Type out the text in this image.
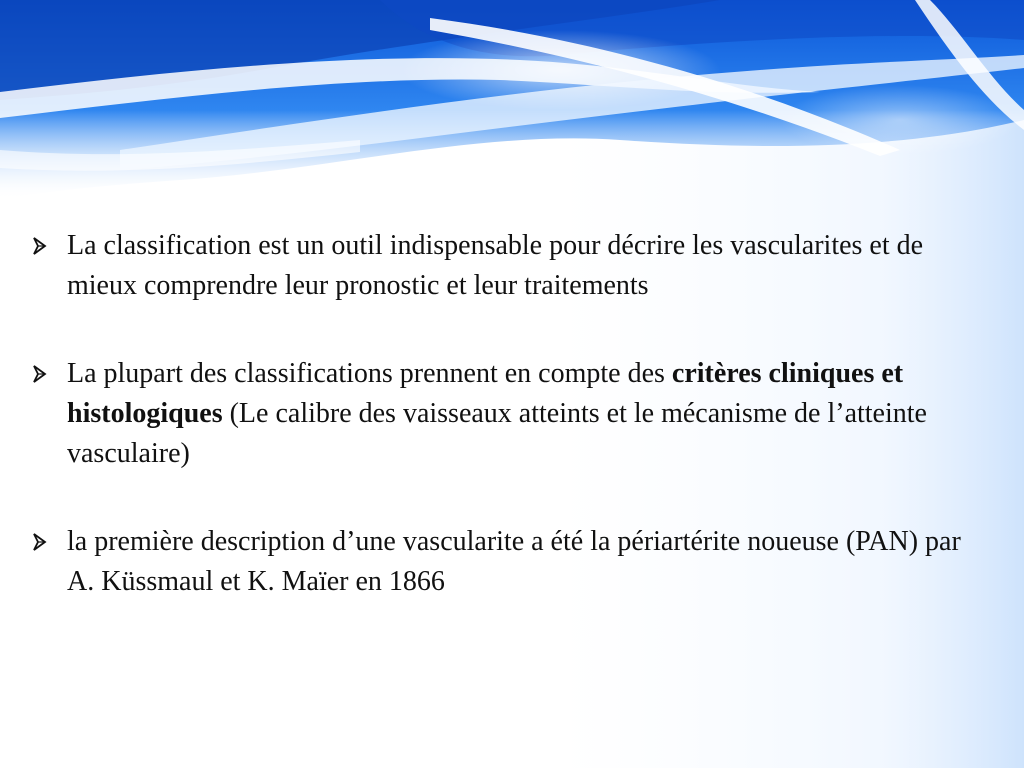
La classification est un outil indispensable pour décrire les vascularites et de mieux comprendre leur pronostic et leur traitements
La plupart des classifications prennent en compte des critères cliniques et histologiques (Le calibre des vaisseaux atteints et le mécanisme de l’atteinte vasculaire)
la première description d’une vascularite a été la périartérite noueuse (PAN) par A. Küssmaul et K. Maïer en 1866
